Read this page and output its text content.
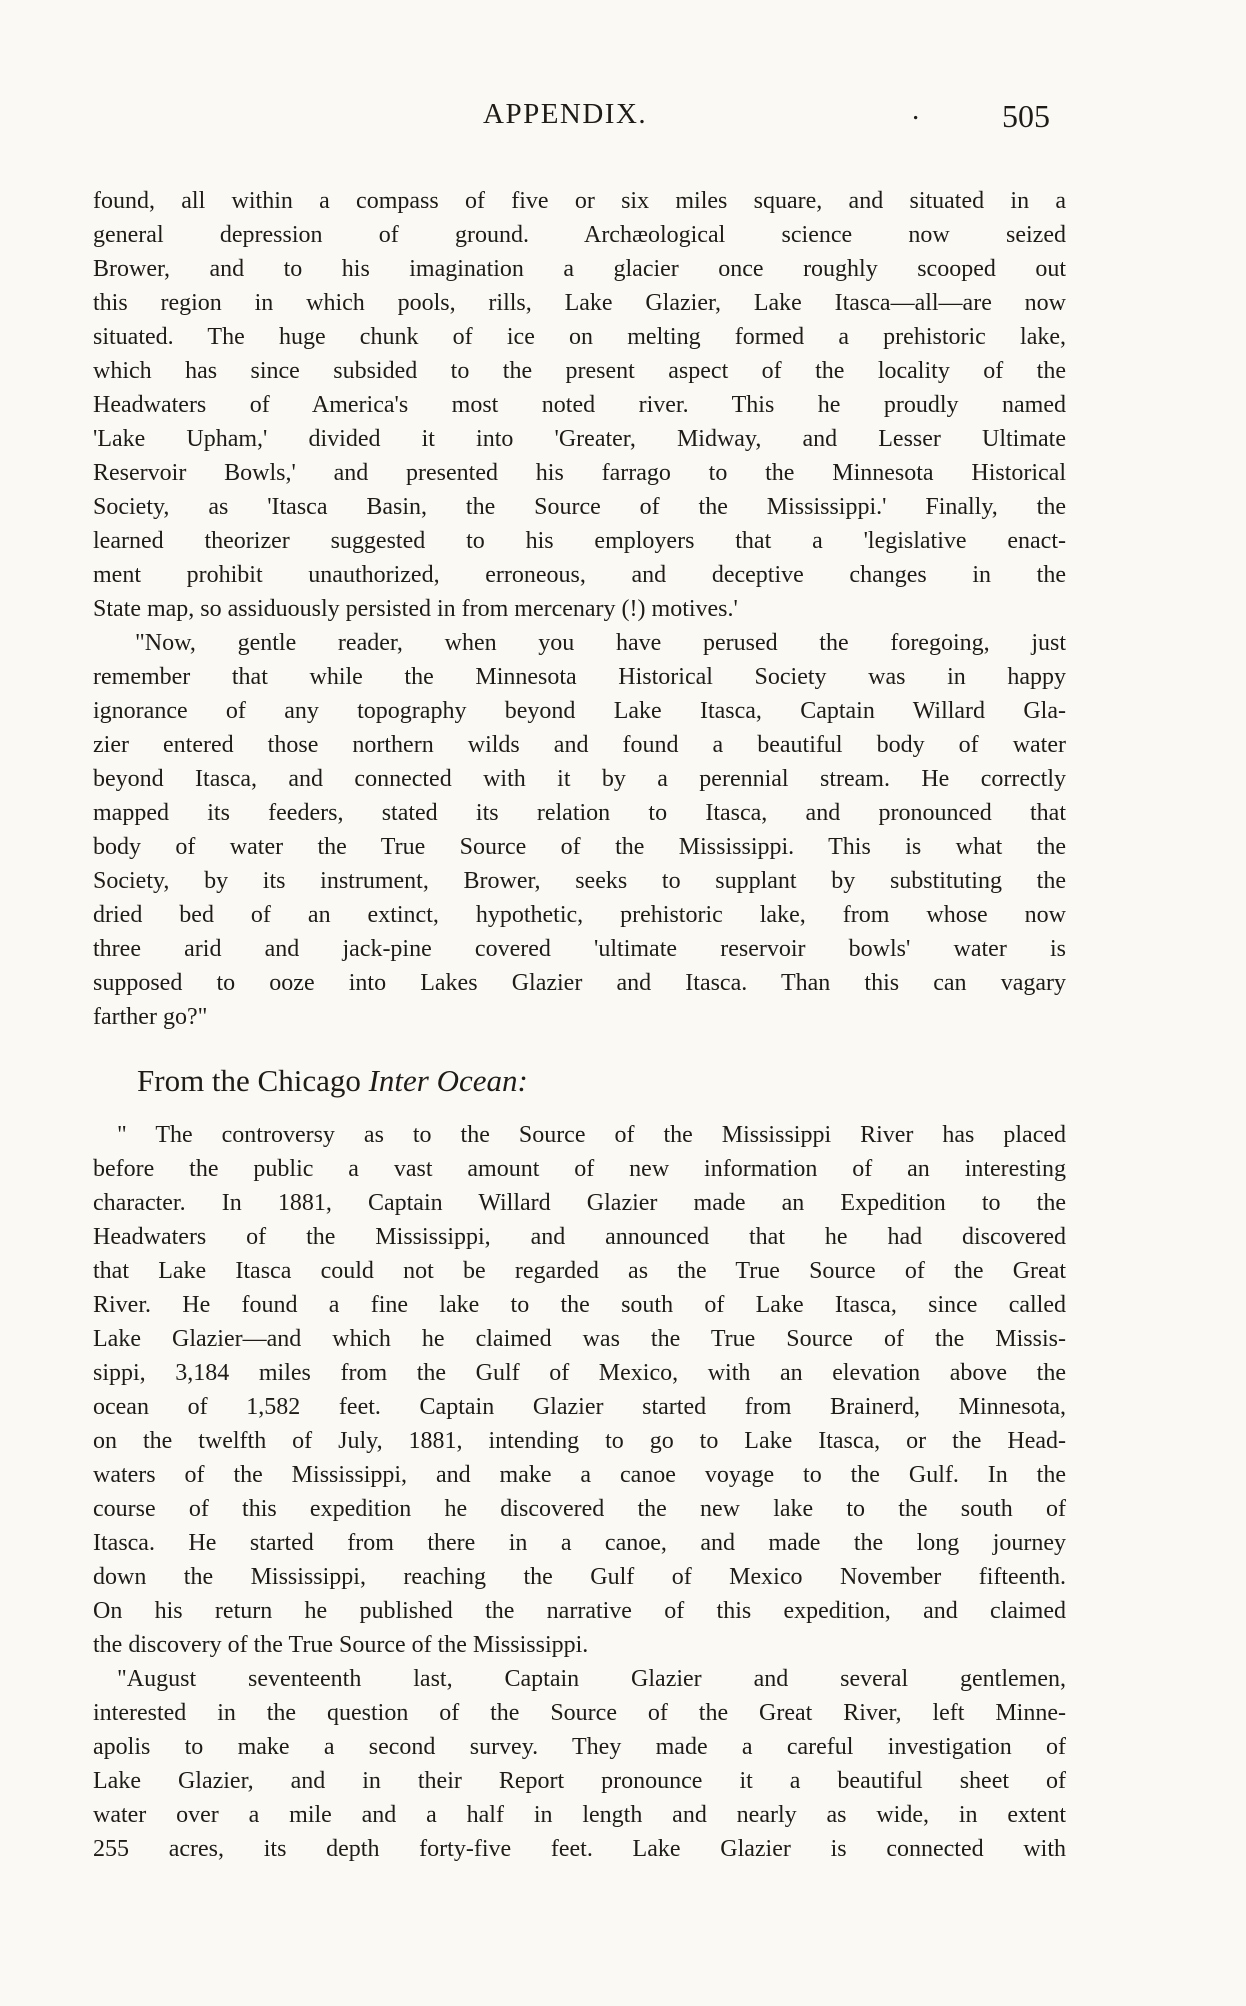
APPENDIX.	.	505
found, all within a compass of five or six miles square, and situated in a
general depression of ground. Archæological science now seized
Brower, and to his imagination a glacier once roughly scooped out
this region in which pools, rills, Lake Glazier, Lake Itasca—all—are now
situated. The huge chunk of ice on melting formed a prehistoric lake,
which has since subsided to the present aspect of the locality of the
Headwaters of America's most noted river. This he proudly named
'Lake Upham,' divided it into 'Greater, Midway, and Lesser Ultimate
Reservoir Bowls,' and presented his farrago to the Minnesota Historical
Society, as 'Itasca Basin, the Source of the Mississippi.' Finally, the
learned theorizer suggested to his employers that a 'legislative enact-
ment prohibit unauthorized, erroneous, and deceptive changes in the
State map, so assiduously persisted in from mercenary (!) motives.'
"Now, gentle reader, when you have perused the foregoing, just
remember that while the Minnesota Historical Society was in happy
ignorance of any topography beyond Lake Itasca, Captain Willard Gla-
zier entered those northern wilds and found a beautiful body of water
beyond Itasca, and connected with it by a perennial stream. He correctly
mapped its feeders, stated its relation to Itasca, and pronounced that
body of water the True Source of the Mississippi. This is what the
Society, by its instrument, Brower, seeks to supplant by substituting the
dried bed of an extinct, hypothetic, prehistoric lake, from whose now
three arid and jack-pine covered 'ultimate reservoir bowls' water is
supposed to ooze into Lakes Glazier and Itasca. Than this can vagary
farther go?"
From the Chicago Inter Ocean:
" The controversy as to the Source of the Mississippi River has placed
before the public a vast amount of new information of an interesting
character. In 1881, Captain Willard Glazier made an Expedition to the
Headwaters of the Mississippi, and announced that he had discovered
that Lake Itasca could not be regarded as the True Source of the Great
River. He found a fine lake to the south of Lake Itasca, since called
Lake Glazier—and which he claimed was the True Source of the Missis-
sippi, 3,184 miles from the Gulf of Mexico, with an elevation above the
ocean of 1,582 feet. Captain Glazier started from Brainerd, Minnesota,
on the twelfth of July, 1881, intending to go to Lake Itasca, or the Head-
waters of the Mississippi, and make a canoe voyage to the Gulf. In the
course of this expedition he discovered the new lake to the south of
Itasca. He started from there in a canoe, and made the long journey
down the Mississippi, reaching the Gulf of Mexico November fifteenth.
On his return he published the narrative of this expedition, and claimed
the discovery of the True Source of the Mississippi.
"August seventeenth last, Captain Glazier and several gentlemen,
interested in the question of the Source of the Great River, left Minne-
apolis to make a second survey. They made a careful investigation of
Lake Glazier, and in their Report pronounce it a beautiful sheet of
water over a mile and a half in length and nearly as wide, in extent
255 acres, its depth forty-five feet. Lake Glazier is connected with
